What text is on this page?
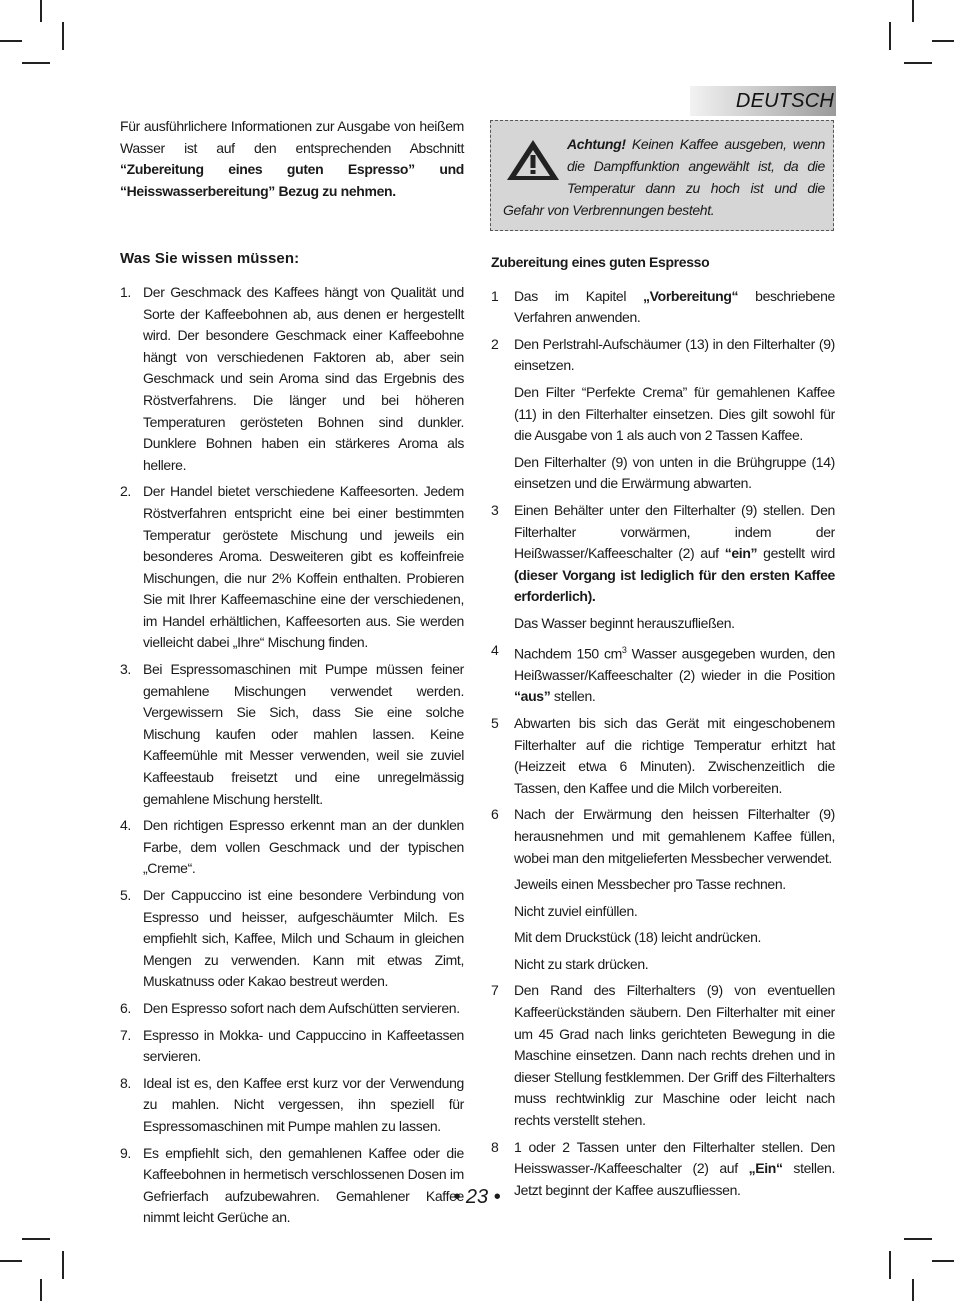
DEUTSCH

Für ausführlichere Informationen zur Ausgabe von heißem Wasser ist auf den entsprechenden Abschnitt “Zubereitung eines guten Espresso” und “Heisswasserbereitung” Bezug zu nehmen.

Was Sie wissen müssen:
1. Der Geschmack des Kaffees hängt von Qualität und Sorte der Kaffeebohnen ab, aus denen er hergestellt wird. Der besondere Geschmack einer Kaffeebohne hängt von verschiedenen Faktoren ab, aber sein Geschmack und sein Aroma sind das Ergebnis des Röstverfahrens. Die länger und bei höheren Temperaturen gerösteten Bohnen sind dunkler. Dunklere Bohnen haben ein stärkeres Aroma als hellere.
2. Der Handel bietet verschiedene Kaffeesorten. Jedem Röstverfahren entspricht eine bei einer bestimmten Temperatur geröstete Mischung und jeweils ein besonderes Aroma. Desweiteren gibt es koffeinfreie Mischungen, die nur 2% Koffein enthalten. Probieren Sie mit Ihrer Kaffeemaschine eine der verschiedenen, im Handel erhältlichen, Kaffeesorten aus. Sie werden vielleicht dabei „Ihre“ Mischung finden.
3. Bei Espressomaschinen mit Pumpe müssen feiner gemahlene Mischungen verwendet werden. Vergewissern Sie Sich, dass Sie eine solche Mischung kaufen oder mahlen lassen. Keine Kaffeemühle mit Messer verwenden, weil sie zuviel Kaffeestaub freisetzt und eine unregelmässig gemahlene Mischung herstellt.
4. Den richtigen Espresso erkennt man an der dunklen Farbe, dem vollen Geschmack und der typischen „Creme“.
5. Der Cappuccino ist eine besondere Verbindung von Espresso und heisser, aufgeschäumter Milch. Es empfiehlt sich, Kaffee, Milch und Schaum in gleichen Mengen zu verwenden. Kann mit etwas Zimt, Muskatnuss oder Kakao bestreut werden.
6. Den Espresso sofort nach dem Aufschütten servieren.
7. Espresso in Mokka- und Cappuccino in Kaffeetassen servieren.
8. Ideal ist es, den Kaffee erst kurz vor der Verwendung zu mahlen. Nicht vergessen, ihn speziell für Espressomaschinen mit Pumpe mahlen zu lassen.
9. Es empfiehlt sich, den gemahlenen Kaffee oder die Kaffeebohnen in hermetisch verschlossenen Dosen im Gefrierfach aufzubewahren. Gemahlener Kaffee nimmt leicht Gerüche an.
Achtung! Keinen Kaffee ausgeben, wenn die Dampffunktion angewählt ist, da die Temperatur dann zu hoch ist und die Gefahr von Verbrennungen besteht.
Zubereitung eines guten Espresso
1 Das im Kapitel „Vorbereitung“ beschriebene Verfahren anwenden.

2 Den Perlstrahl-Aufschäumer (13) in den Filterhalter (9) einsetzen.

Den Filter “Perfekte Crema” für gemahlenen Kaffee (11) in den Filterhalter einsetzen. Dies gilt sowohl für die Ausgabe von 1 als auch von 2 Tassen Kaffee.

Den Filterhalter (9) von unten in die Brühgruppe (14) einsetzen und die Erwärmung abwarten.

3 Einen Behälter unter den Filterhalter (9) stellen. Den Filterhalter vorwärmen, indem der Heißwasser/Kaffeeschalter (2) auf “ein” gestellt wird (dieser Vorgang ist lediglich für den ersten Kaffee erforderlich).

Das Wasser beginnt herauszufließen.

4 Nachdem 150 $cm^3$ Wasser ausgegeben wurden, den Heißwasser/Kaffeeschalter (2) wieder in die Position “aus” stellen.

5 Abwarten bis sich das Gerät mit eingeschobenem Filterhalter auf die richtige Temperatur erhitzt hat (Heizzeit etwa 6 Minuten). Zwischenzeitlich die Tassen, den Kaffee und die Milch vorbereiten.

6 Nach der Erwärmung den heissen Filterhalter (9) herausnehmen und mit gemahlenem Kaffee füllen, wobei man den mitgelieferten Messbecher verwendet.

Jeweils einen Messbecher pro Tasse rechnen.

Nicht zuviel einfüllen.

Mit dem Druckstück (18) leicht andrücken.

Nicht zu stark drücken.

7 Den Rand des Filterhalters (9) von eventuellen Kaffeerückständen säubern. Den Filterhalter mit einer um 45 Grad nach links gerichteten Bewegung in die Maschine einsetzen. Dann nach rechts drehen und in dieser Stellung festklemmen. Der Griff des Filterhalters muss rechtwinklig zur Maschine oder leicht nach rechts verstellt stehen.

8 1 oder 2 Tassen unter den Filterhalter stellen. Den Heisswasser-/Kaffeeschalter (2) auf „Ein“ stellen. Jetzt beginnt der Kaffee auszufliessen.

• 23 •
